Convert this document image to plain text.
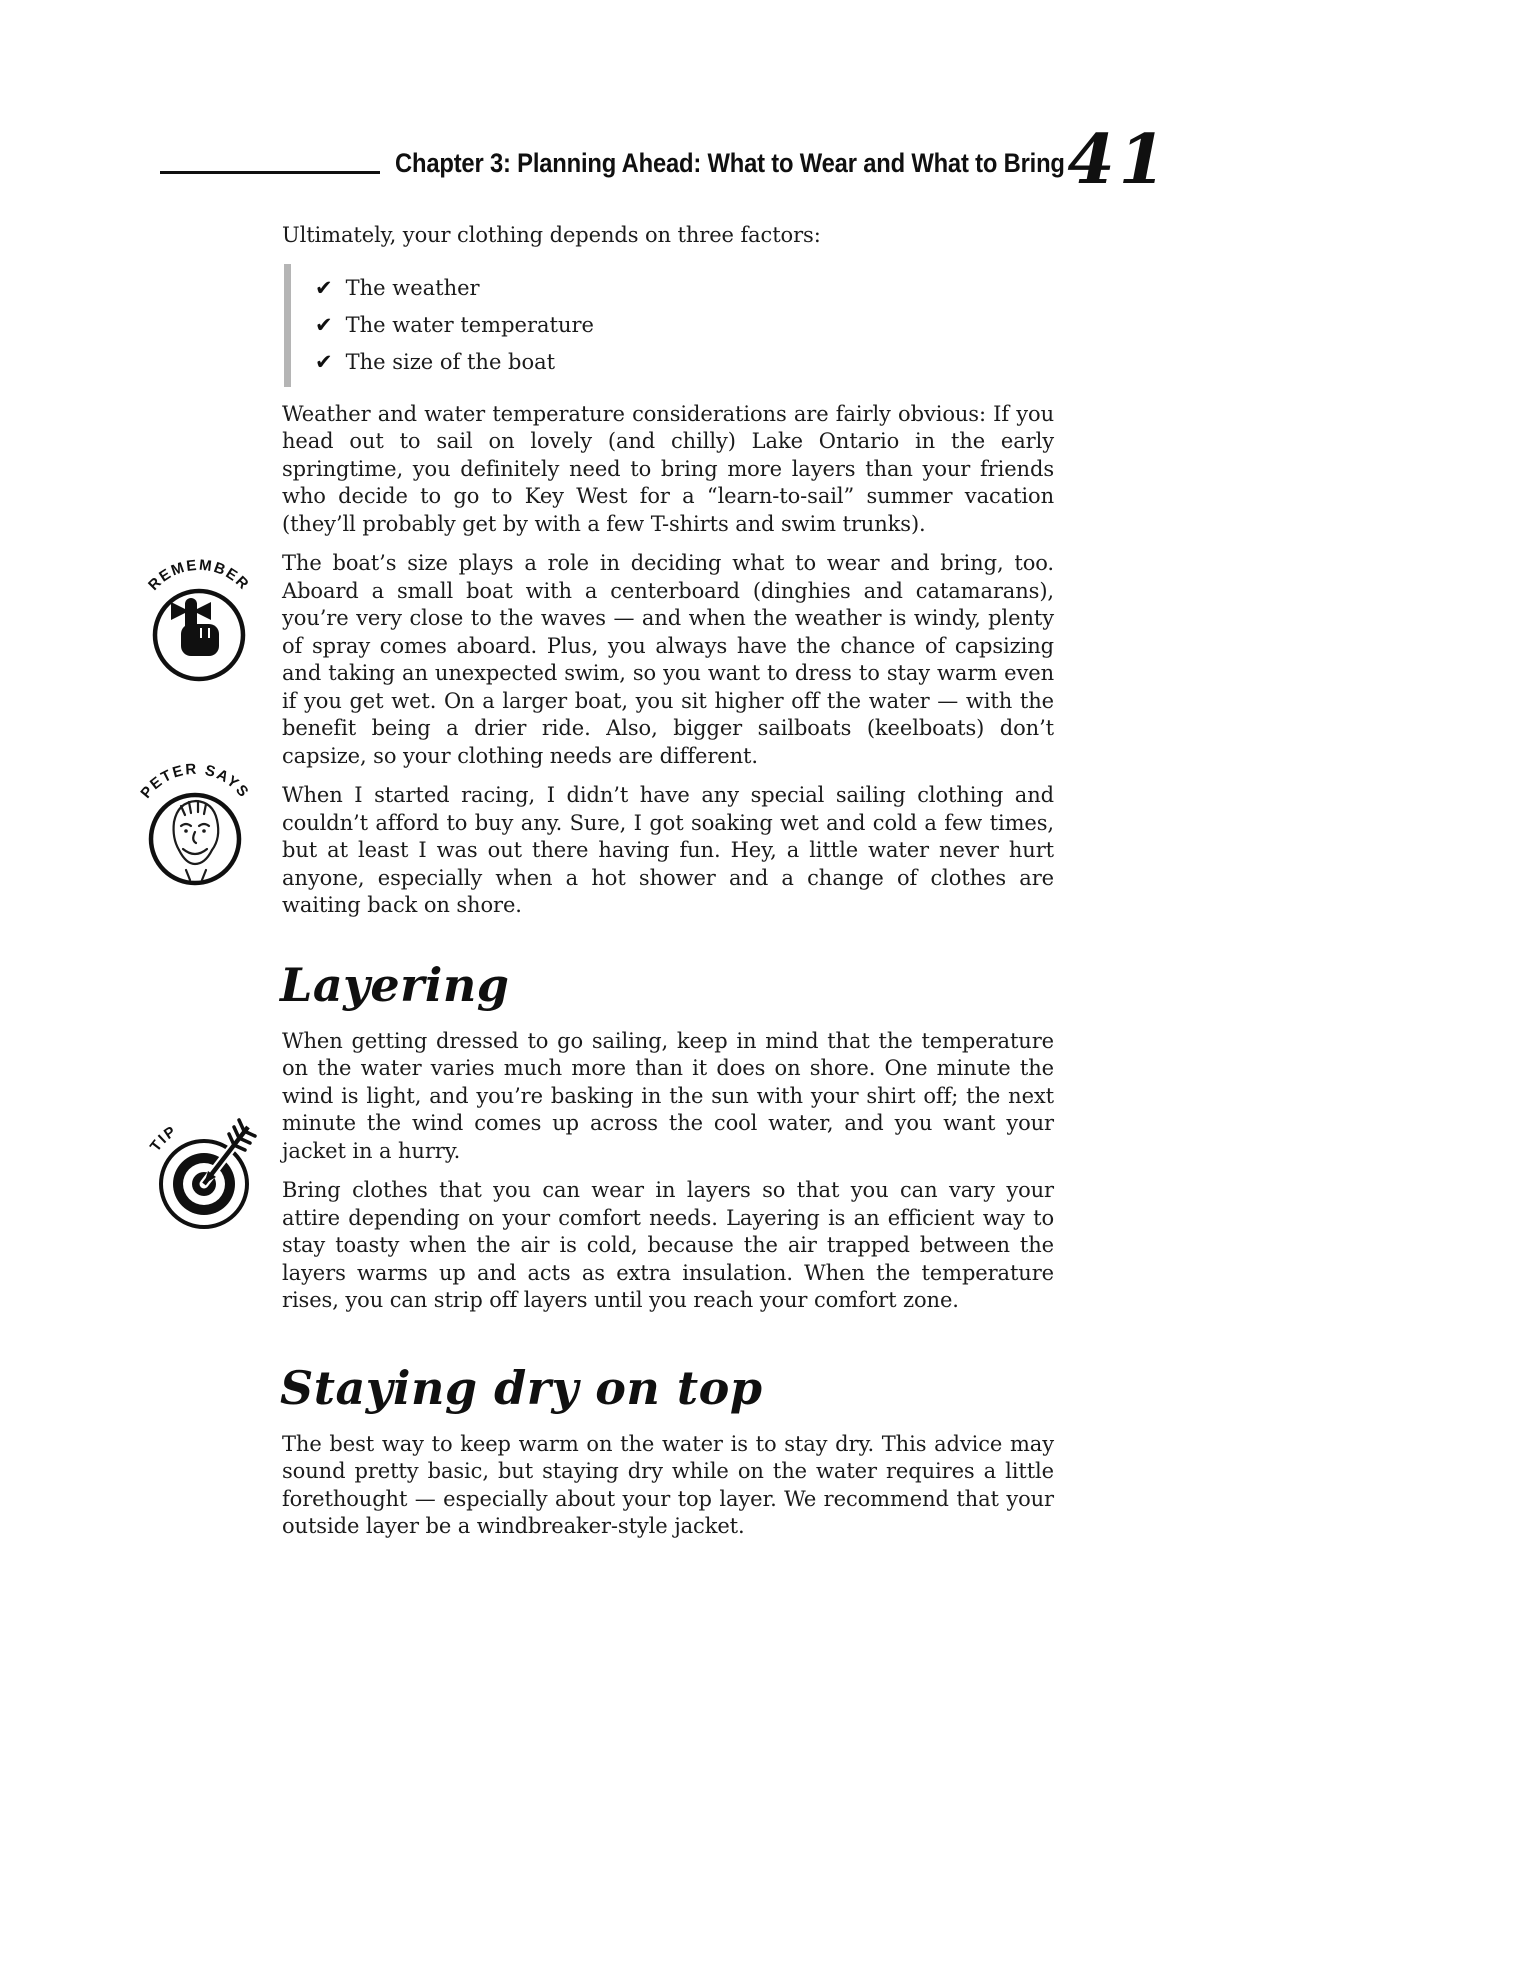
Chapter 3: Planning Ahead: What to Wear and What to Bring 41

Ultimately, your clothing depends on three factors:

✔ The weather
✔ The water temperature
✔ The size of the boat

Weather and water temperature considerations are fairly obvious: If you head out to sail on lovely (and chilly) Lake Ontario in the early springtime, you definitely need to bring more layers than your friends who decide to go to Key West for a “learn-to-sail” summer vacation (they’ll probably get by with a few T-shirts and swim trunks).

The boat’s size plays a role in deciding what to wear and bring, too. Aboard a small boat with a centerboard (dinghies and catamarans), you’re very close to the waves — and when the weather is windy, plenty of spray comes aboard. Plus, you always have the chance of capsizing and taking an unexpected swim, so you want to dress to stay warm even if you get wet. On a larger boat, you sit higher off the water — with the benefit being a drier ride. Also, bigger sailboats (keelboats) don’t capsize, so your clothing needs are different.

When I started racing, I didn’t have any special sailing clothing and couldn’t afford to buy any. Sure, I got soaking wet and cold a few times, but at least I was out there having fun. Hey, a little water never hurt anyone, especially when a hot shower and a change of clothes are waiting back on shore.

Layering

When getting dressed to go sailing, keep in mind that the temperature on the water varies much more than it does on shore. One minute the wind is light, and you’re basking in the sun with your shirt off; the next minute the wind comes up across the cool water, and you want your jacket in a hurry.

Bring clothes that you can wear in layers so that you can vary your attire depending on your comfort needs. Layering is an efficient way to stay toasty when the air is cold, because the air trapped between the layers warms up and acts as extra insulation. When the temperature rises, you can strip off layers until you reach your comfort zone.

Staying dry on top

The best way to keep warm on the water is to stay dry. This advice may sound pretty basic, but staying dry while on the water requires a little forethought — especially about your top layer. We recommend that your outside layer be a windbreaker-style jacket.

REMEMBER
PETER SAYS
TIP
